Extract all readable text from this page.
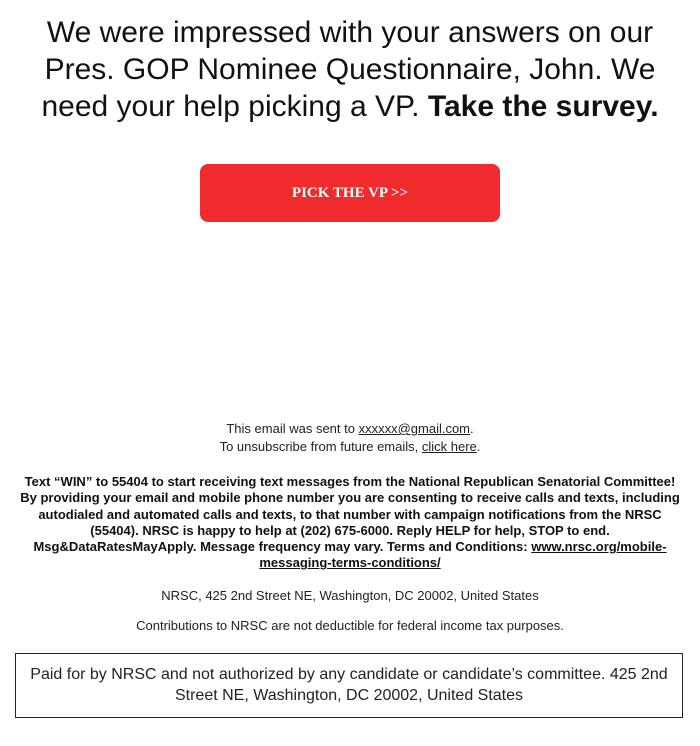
We were impressed with your answers on our Pres. GOP Nominee Questionnaire, John. We need your help picking a VP. Take the survey.
PICK THE VP >>

This email was sent to xxxxxx@gmail.com.

To unsubscribe from future emails, click here.

Text “WIN” to 55404 to start receiving text messages from the National Republican Senatorial Committee! By providing your email and mobile phone number you are consenting to receive calls and texts, including autodialed and automated calls and texts, to that number with campaign notifications from the NRSC (55404). NRSC is happy to help at (202) 675-6000. Reply HELP for help, STOP to end. Msg&DataRatesMayApply. Message frequency may vary. Terms and Conditions: www.nrsc.org/mobile-messaging-terms-conditions/

NRSC, 425 2nd Street NE, Washington, DC 20002, United States

Contributions to NRSC are not deductible for federal income tax purposes.

Paid for by NRSC and not authorized by any candidate or candidate’s committee. 425 2nd Street NE, Washington, DC 20002, United States
